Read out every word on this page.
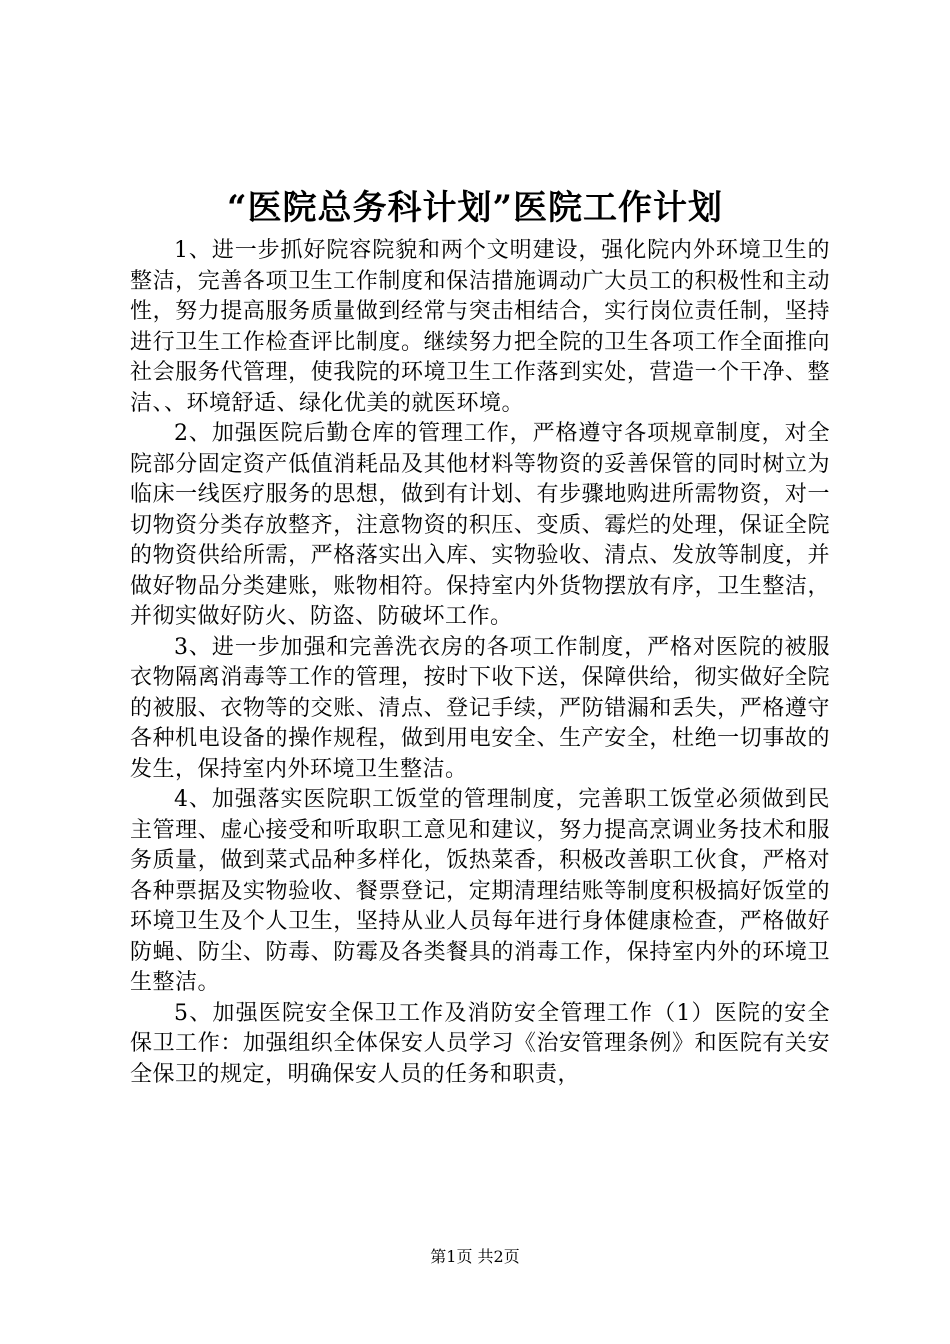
“医院总务科计划”医院工作计划

1、进一步抓好院容院貌和两个文明建设，强化院内外环境卫生的整洁，完善各项卫生工作制度和保洁措施调动广大员工的积极性和主动性，努力提高服务质量做到经常与突击相结合，实行岗位责任制，坚持进行卫生工作检查评比制度。继续努力把全院的卫生各项工作全面推向社会服务代管理，使我院的环境卫生工作落到实处，营造一个干净、整洁、、环境舒适、绿化优美的就医环境。

2、加强医院后勤仓库的管理工作，严格遵守各项规章制度，对全院部分固定资产低值消耗品及其他材料等物资的妥善保管的同时树立为临床一线医疗服务的思想，做到有计划、有步骤地购进所需物资，对一切物资分类存放整齐，注意物资的积压、变质、霉烂的处理，保证全院的物资供给所需，严格落实出入库、实物验收、清点、发放等制度，并做好物品分类建账，账物相符。保持室内外货物摆放有序，卫生整洁，并彻实做好防火、防盗、防破坏工作。

3、进一步加强和完善洗衣房的各项工作制度，严格对医院的被服衣物隔离消毒等工作的管理，按时下收下送，保障供给，彻实做好全院的被服、衣物等的交账、清点、登记手续，严防错漏和丢失，严格遵守各种机电设备的操作规程，做到用电安全、生产安全，杜绝一切事故的发生，保持室内外环境卫生整洁。

4、加强落实医院职工饭堂的管理制度，完善职工饭堂必须做到民主管理、虚心接受和听取职工意见和建议，努力提高烹调业务技术和服务质量，做到菜式品种多样化，饭热菜香，积极改善职工伙食，严格对各种票据及实物验收、餐票登记，定期清理结账等制度积极搞好饭堂的环境卫生及个人卫生，坚持从业人员每年进行身体健康检查，严格做好防蝇、防尘、防毒、防霉及各类餐具的消毒工作，保持室内外的环境卫生整洁。

5、加强医院安全保卫工作及消防安全管理工作（1）医院的安全保卫工作：加强组织全体保安人员学习《治安管理条例》和医院有关安全保卫的规定，明确保安人员的任务和职责，

第1页 共2页
